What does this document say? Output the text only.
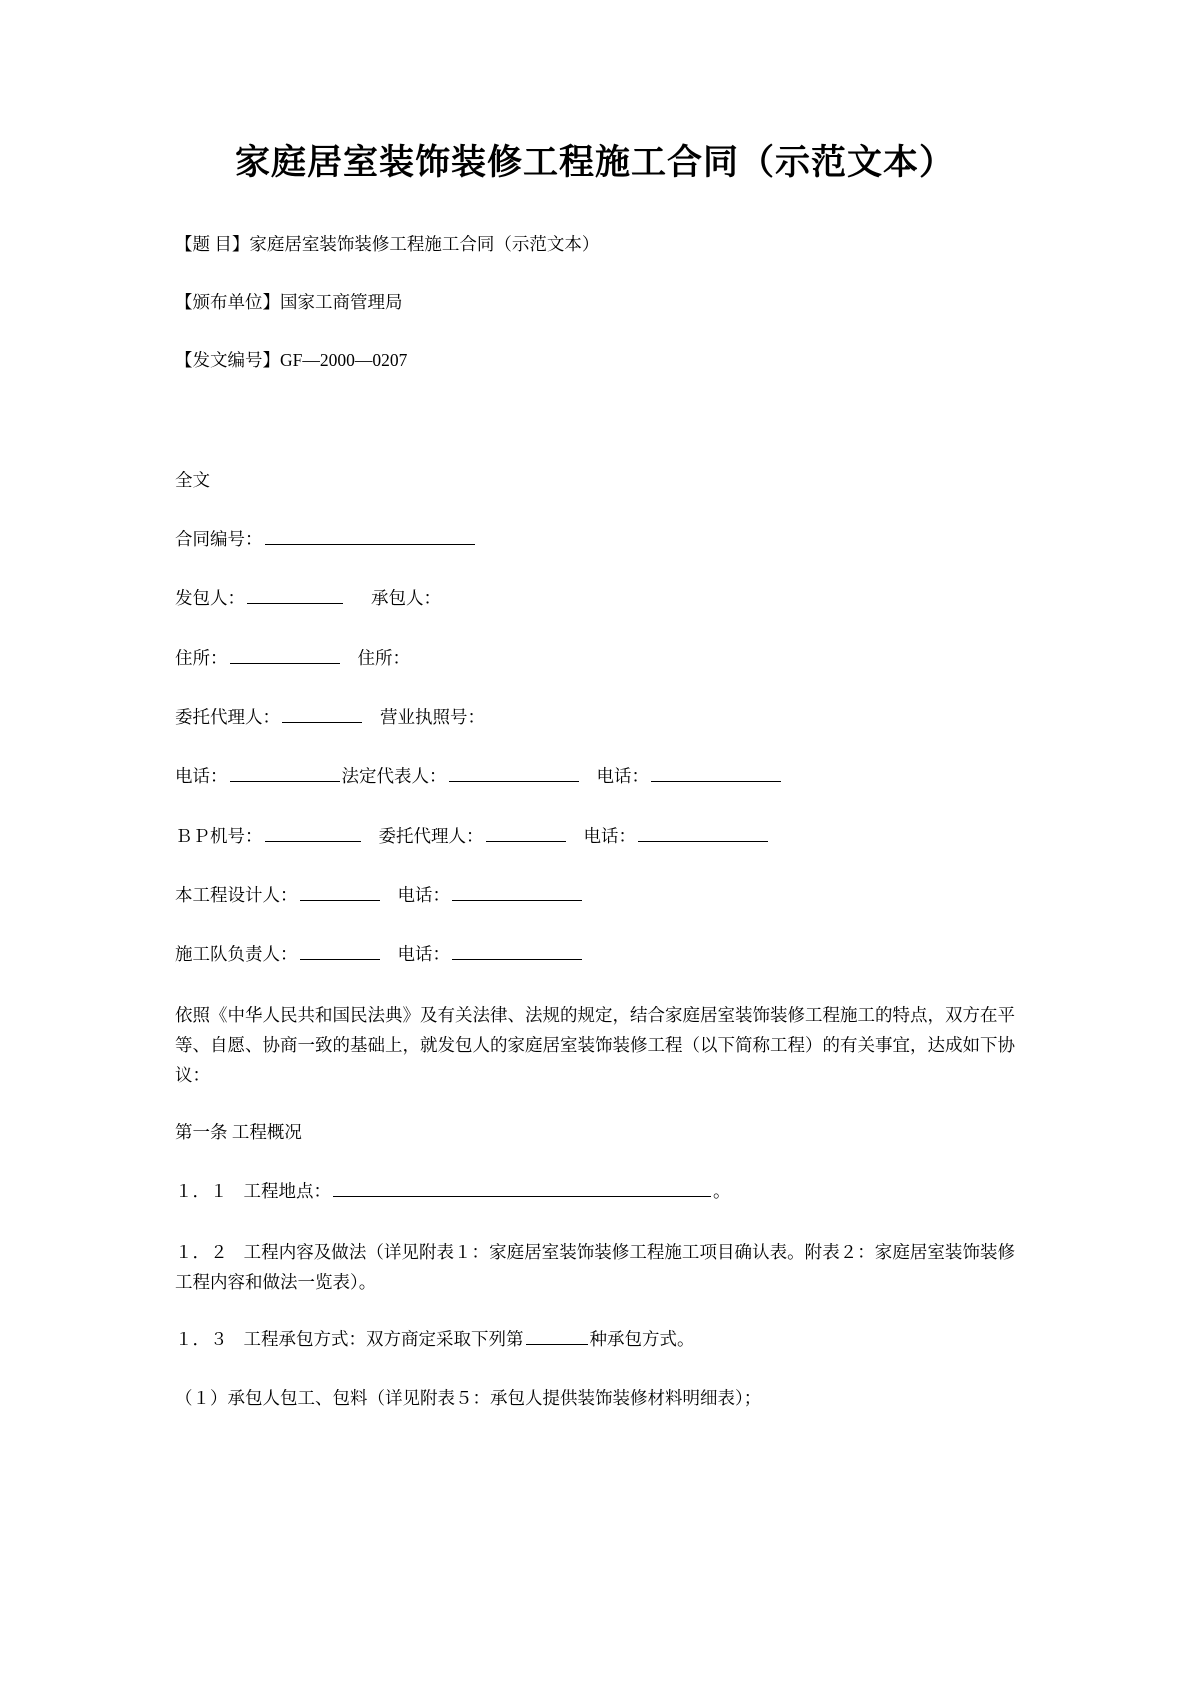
家庭居室装饰装修工程施工合同（示范文本）

【题 目】家庭居室装饰装修工程施工合同（示范文本）

【颁布单位】国家工商管理局

【发文编号】GF—2000—0207

全文

合同编号：

发包人：	承包人：

住所：	住所：

委托代理人：	营业执照号：

电话：	法定代表人：	电话：

ＢＰ机号：	委托代理人：	电话：

本工程设计人：	电话：

施工队负责人：	电话：

依照《中华人民共和国民法典》及有关法律、法规的规定，结合家庭居室装饰装修工程施工的特点，双方在平等、自愿、协商一致的基础上，就发包人的家庭居室装饰装修工程（以下简称工程）的有关事宜，达成如下协议：

第一条 工程概况

１．１ 工程地点：	。

１．２ 工程内容及做法（详见附表１：家庭居室装饰装修工程施工项目确认表。附表２：家庭居室装饰装修工程内容和做法一览表）。

１．３ 工程承包方式：双方商定采取下列第	种承包方式。

（１）承包人包工、包料（详见附表５：承包人提供装饰装修材料明细表）；
